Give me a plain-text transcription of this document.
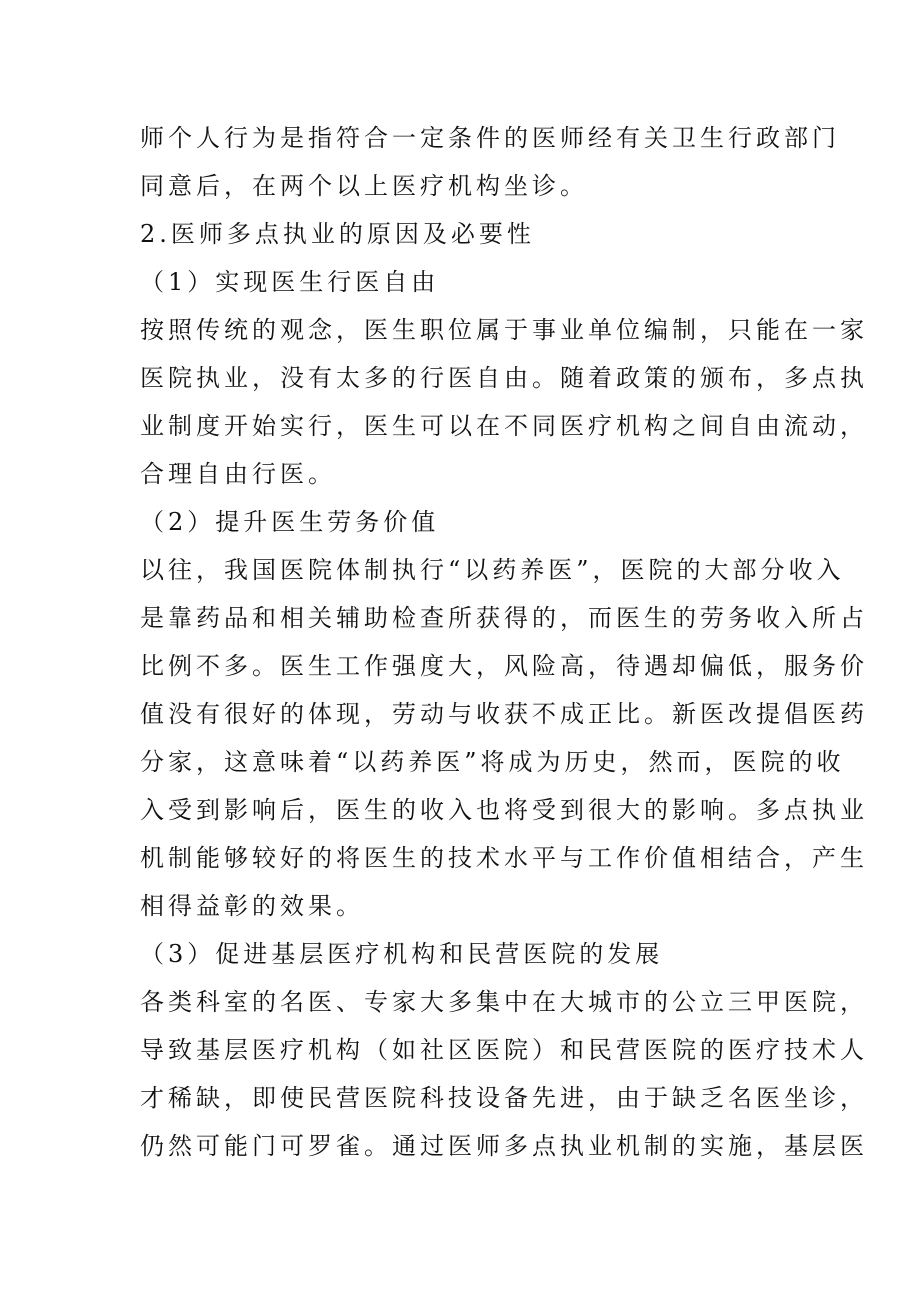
师个人行为是指符合一定条件的医师经有关卫生行政部门
同意后，在两个以上医疗机构坐诊。
2.医师多点执业的原因及必要性
（1）实现医生行医自由
按照传统的观念，医生职位属于事业单位编制，只能在一家
医院执业，没有太多的行医自由。随着政策的颁布，多点执
业制度开始实行，医生可以在不同医疗机构之间自由流动，
合理自由行医。
（2）提升医生劳务价值
以往，我国医院体制执行“以药养医”，医院的大部分收入
是靠药品和相关辅助检查所获得的，而医生的劳务收入所占
比例不多。医生工作强度大，风险高，待遇却偏低，服务价
值没有很好的体现，劳动与收获不成正比。新医改提倡医药
分家，这意味着“以药养医”将成为历史，然而，医院的收
入受到影响后，医生的收入也将受到很大的影响。多点执业
机制能够较好的将医生的技术水平与工作价值相结合，产生
相得益彰的效果。
（3）促进基层医疗机构和民营医院的发展
各类科室的名医、专家大多集中在大城市的公立三甲医院，
导致基层医疗机构（如社区医院）和民营医院的医疗技术人
才稀缺，即使民营医院科技设备先进，由于缺乏名医坐诊，
仍然可能门可罗雀。通过医师多点执业机制的实施，基层医
